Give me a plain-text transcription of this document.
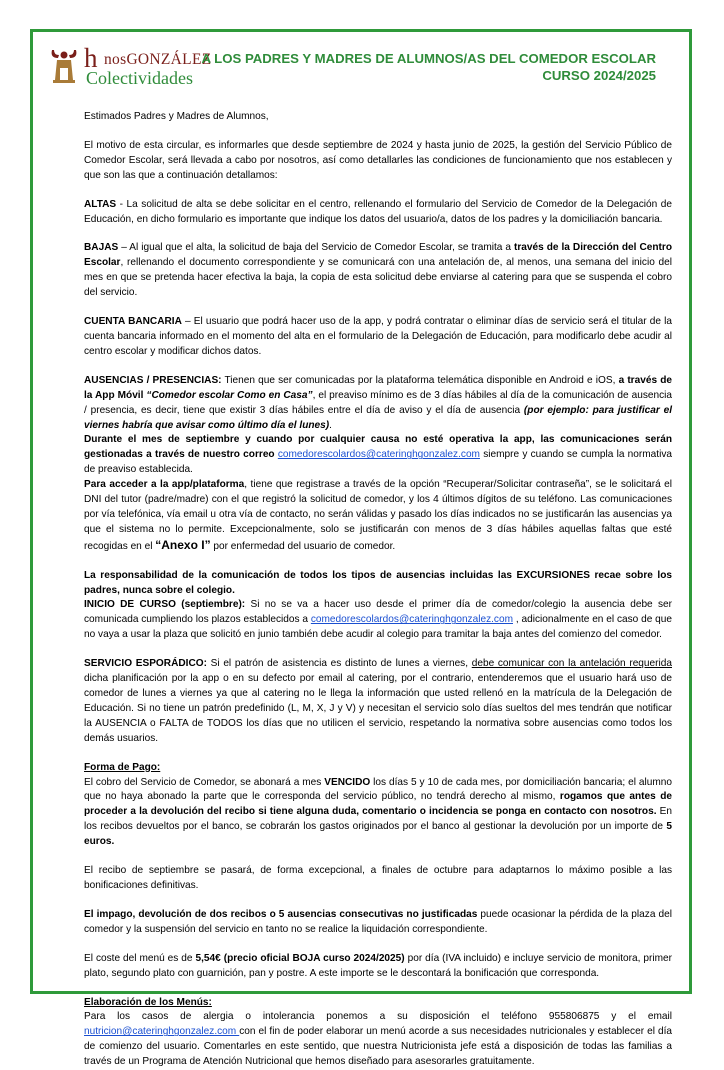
h nosGONZÁLEZ
Colectividades
A LOS PADRES Y MADRES DE ALUMNOS/AS DEL COMEDOR ESCOLAR
CURSO 2024/2025

Estimados Padres y Madres de Alumnos,

El motivo de esta circular, es informarles que desde septiembre de 2024 y hasta junio de 2025, la gestión del Servicio Público de Comedor Escolar, será llevada a cabo por nosotros, así como detallarles las condiciones de funcionamiento que nos establecen y que son las que a continuación detallamos:

ALTAS - La solicitud de alta se debe solicitar en el centro, rellenando el formulario del Servicio de Comedor de la Delegación de Educación, en dicho formulario es importante que indique los datos del usuario/a, datos de los padres y la domiciliación bancaria.

BAJAS – Al igual que el alta, la solicitud de baja del Servicio de Comedor Escolar, se tramita a través de la Dirección del Centro Escolar, rellenando el documento correspondiente y se comunicará con una antelación de, al menos, una semana del inicio del mes en que se pretenda hacer efectiva la baja, la copia de esta solicitud debe enviarse al catering para que se suspenda el cobro del servicio.

CUENTA BANCARIA – El usuario que podrá hacer uso de la app, y podrá contratar o eliminar días de servicio será el titular de la cuenta bancaria informado en el momento del alta en el formulario de la Delegación de Educación, para modificarlo debe acudir al centro escolar y modificar dichos datos.

AUSENCIAS / PRESENCIAS: Tienen que ser comunicadas por la plataforma telemática disponible en Android e iOS, a través de la App Móvil “Comedor escolar Como en Casa”, el preaviso mínimo es de 3 días hábiles al día de la comunicación de ausencia / presencia, es decir, tiene que existir 3 días hábiles entre el día de aviso y el día de ausencia (por ejemplo: para justificar el viernes habría que avisar como último día el lunes).

Durante el mes de septiembre y cuando por cualquier causa no esté operativa la app, las comunicaciones serán gestionadas a través de nuestro correo comedorescolardos@cateringhgonzalez.com siempre y cuando se cumpla la normativa de preaviso establecida.

Para acceder a la app/plataforma, tiene que registrase a través de la opción “Recuperar/Solicitar contraseña”, se le solicitará el DNI del tutor (padre/madre) con el que registró la solicitud de comedor, y los 4 últimos dígitos de su teléfono. Las comunicaciones por vía telefónica, vía email u otra vía de contacto, no serán válidas y pasado los días indicados no se justificarán las ausencias ya que el sistema no lo permite. Excepcionalmente, solo se justificarán con menos de 3 días hábiles aquellas faltas que esté recogidas en el “Anexo I” por enfermedad del usuario de comedor.

La responsabilidad de la comunicación de todos los tipos de ausencias incluidas las EXCURSIONES recae sobre los padres, nunca sobre el colegio.

INICIO DE CURSO (septiembre): Si no se va a hacer uso desde el primer día de comedor/colegio la ausencia debe ser comunicada cumpliendo los plazos establecidos a comedorescolardos@cateringhgonzalez.com , adicionalmente en el caso de que no vaya a usar la plaza que solicitó en junio también debe acudir al colegio para tramitar la baja antes del comienzo del comedor.

SERVICIO ESPORÁDICO: Si el patrón de asistencia es distinto de lunes a viernes, debe comunicar con la antelación requerida dicha planificación por la app o en su defecto por email al catering, por el contrario, entenderemos que el usuario hará uso de comedor de lunes a viernes ya que al catering no le llega la información que usted rellenó en la matrícula de la Delegación de Educación. Si no tiene un patrón predefinido (L, M, X, J y V) y necesitan el servicio solo días sueltos del mes tendrán que notificar la AUSENCIA o FALTA de TODOS los días que no utilicen el servicio, respetando la normativa sobre ausencias como todos los demás usuarios.

Forma de Pago:

El cobro del Servicio de Comedor, se abonará a mes VENCIDO los días 5 y 10 de cada mes, por domiciliación bancaria; el alumno que no haya abonado la parte que le corresponda del servicio público, no tendrá derecho al mismo, rogamos que antes de proceder a la devolución del recibo si tiene alguna duda, comentario o incidencia se ponga en contacto con nosotros. En los recibos devueltos por el banco, se cobrarán los gastos originados por el banco al gestionar la devolución por un importe de 5 euros.

El recibo de septiembre se pasará, de forma excepcional, a finales de octubre para adaptarnos lo máximo posible a las bonificaciones definitivas.

El impago, devolución de dos recibos o 5 ausencias consecutivas no justificadas puede ocasionar la pérdida de la plaza del comedor y la suspensión del servicio en tanto no se realice la liquidación correspondiente.

El coste del menú es de 5,54€ (precio oficial BOJA curso 2024/2025) por día (IVA incluido) e incluye servicio de monitora, primer plato, segundo plato con guarnición, pan y postre. A este importe se le descontará la bonificación que corresponda.

Elaboración de los Menús:

Para los casos de alergia o intolerancia ponemos a su disposición el teléfono 955806875 y el email nutricion@cateringhgonzalez.com con el fin de poder elaborar un menú acorde a sus necesidades nutricionales y establecer el día de comienzo del usuario. Comentarles en este sentido, que nuestra Nutricionista jefe está a disposición de todas las familias a través de un Programa de Atención Nutricional que hemos diseñado para asesorarles gratuitamente.
